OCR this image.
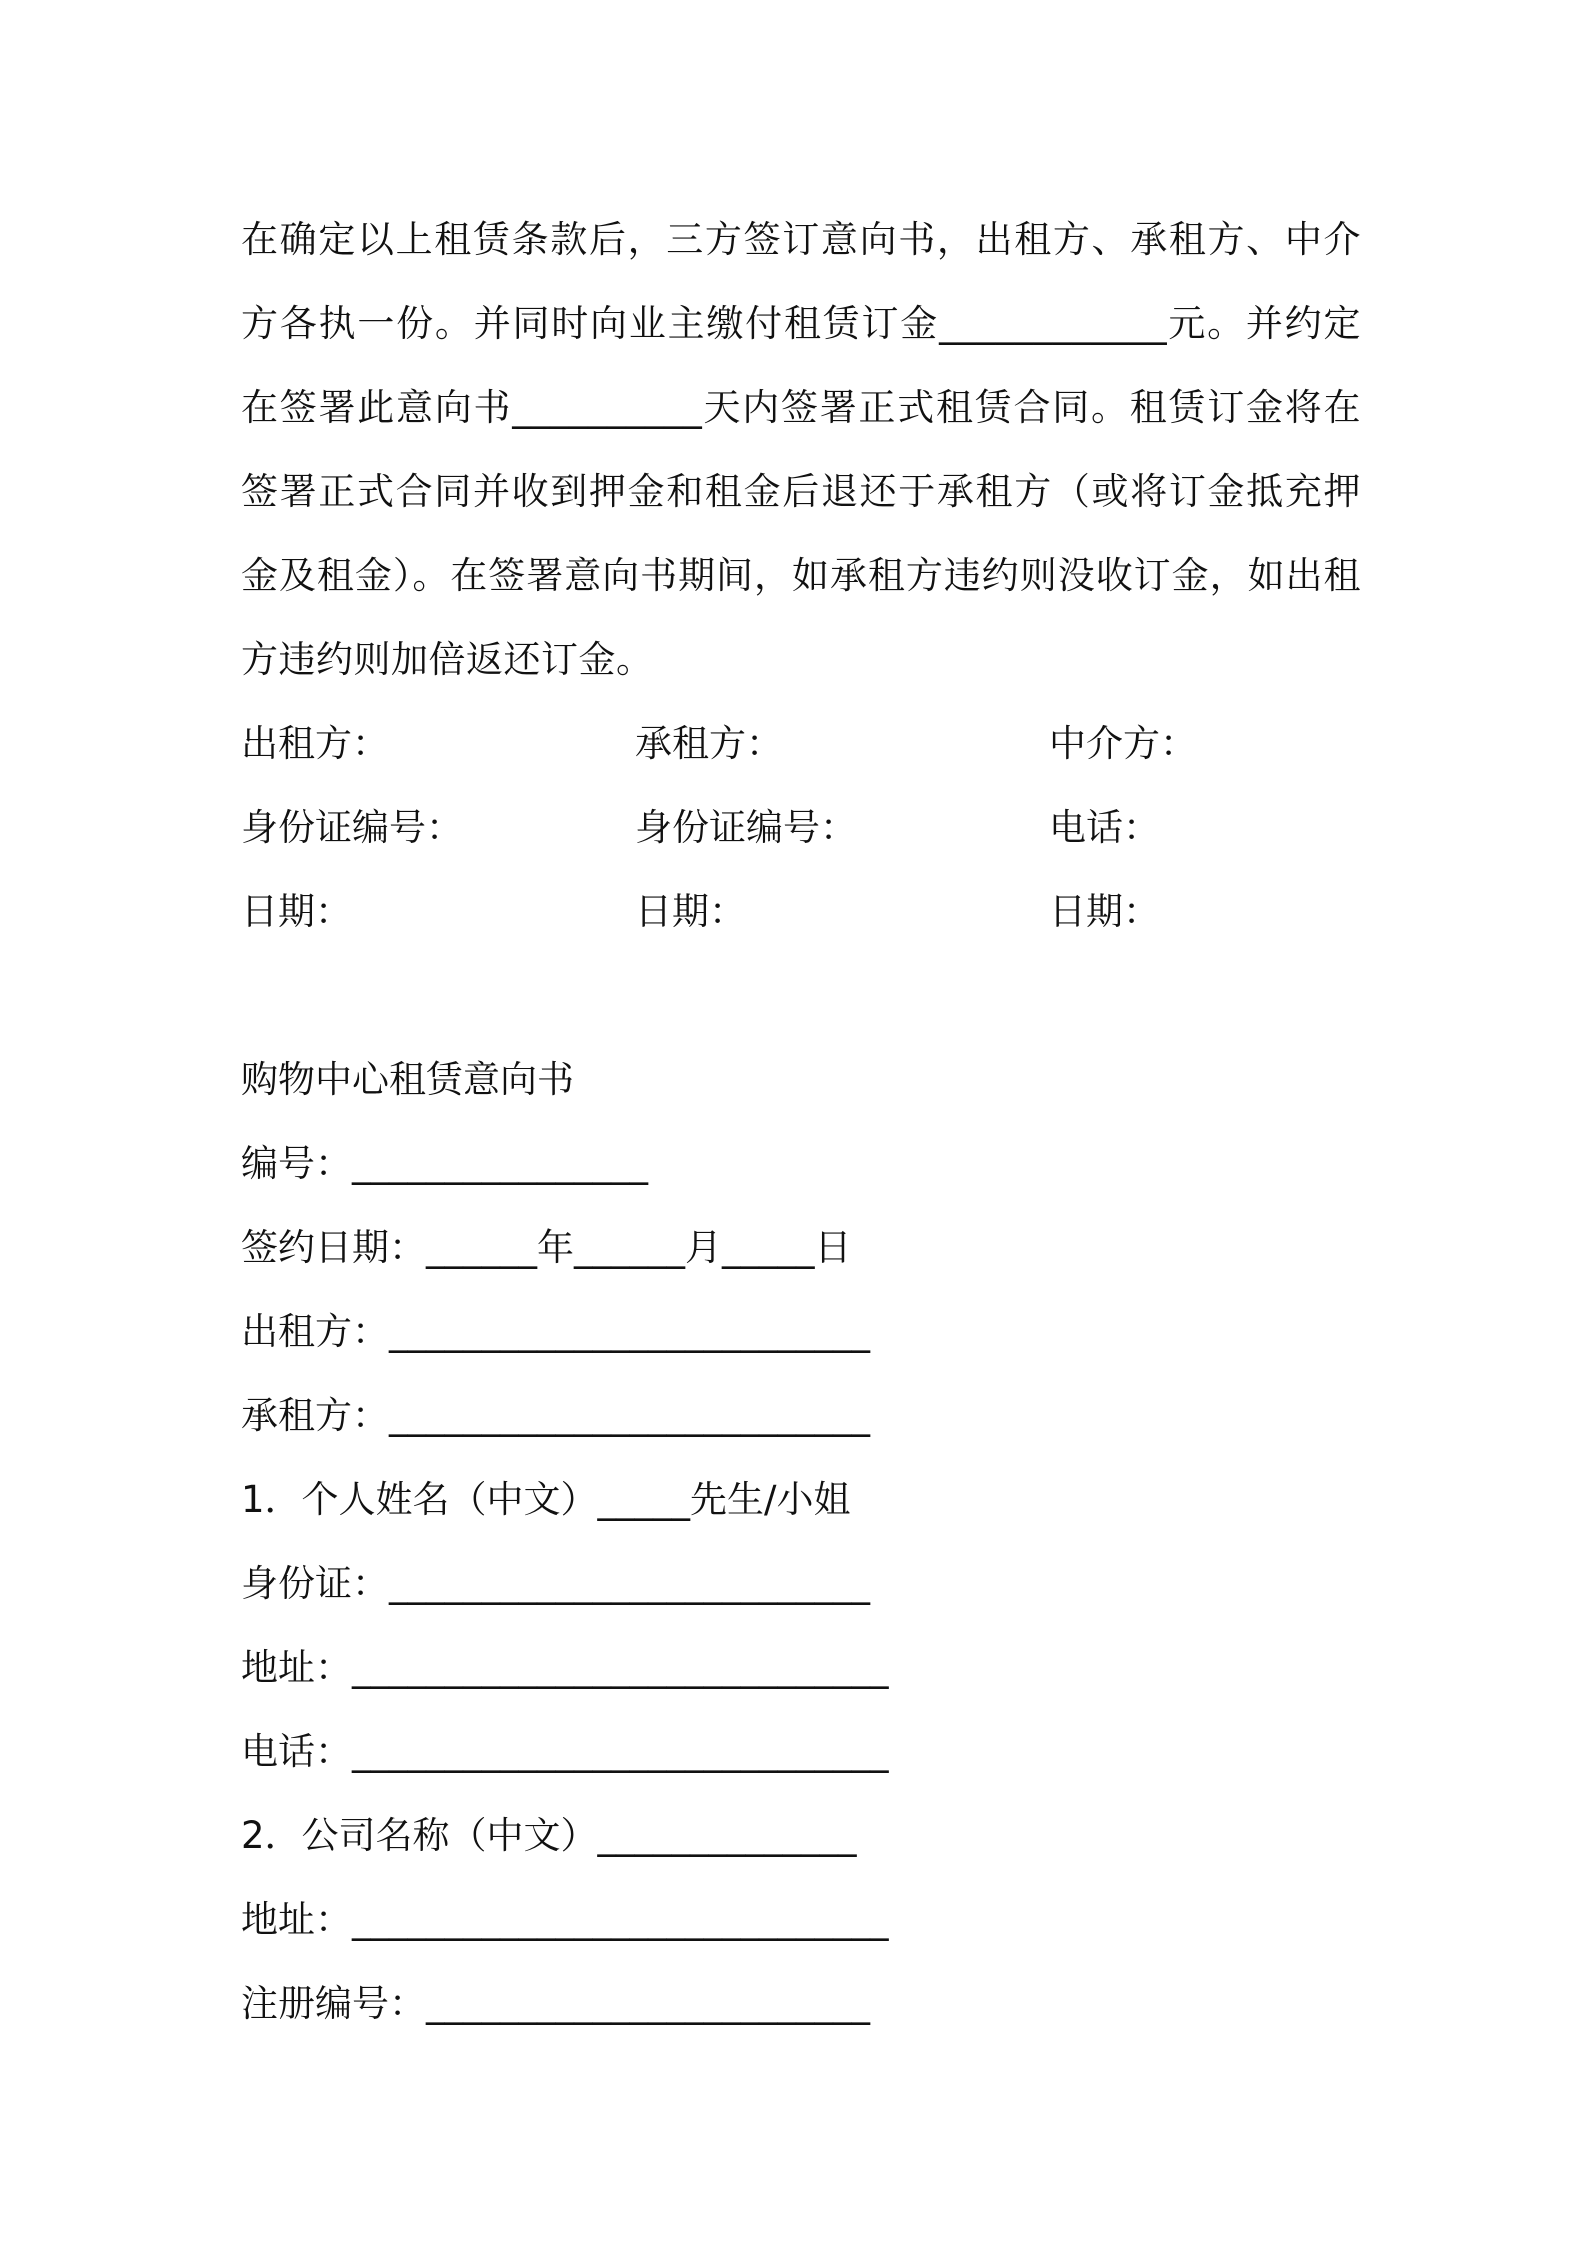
在确定以上租赁条款后，三方签订意向书，出租方、承租方、中介方各执一份。并同时向业主缴付租赁订金____________元。并约定在签署此意向书__________天内签署正式租赁合同。租赁订金将在签署正式合同并收到押金和租金后退还于承租方（或将订金抵充押金及租金）。在签署意向书期间，如承租方违约则没收订金，如出租方违约则加倍返还订金。

出租方：	承租方：	中介方：
身份证编号：	身份证编号：	电话：
日期：	日期：	日期：
购物中心租赁意向书
编号：________________
签约日期：______年______月_____日
出租方：__________________________
承租方：__________________________
1．个人姓名（中文）_____先生/小姐
身份证：__________________________
地址：_____________________________
电话：_____________________________
2．公司名称（中文）______________
地址：_____________________________
注册编号：________________________
